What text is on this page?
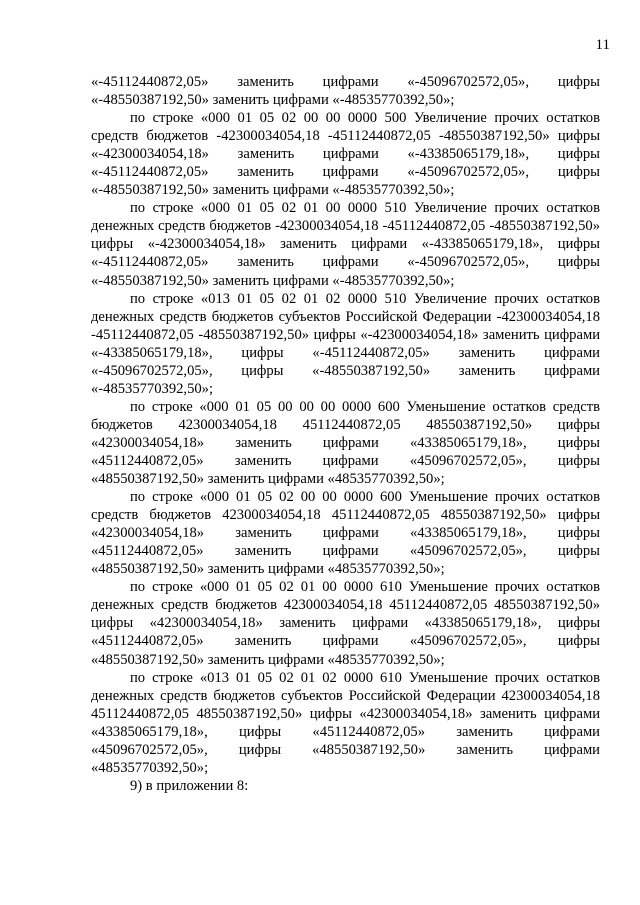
11

«-45112440872,05» заменить цифрами «-45096702572,05», цифры «-48550387192,50» заменить цифрами «-48535770392,50»;

по строке «000 01 05 02 00 00 0000 500 Увеличение прочих остатков средств бюджетов -42300034054,18 -45112440872,05 -48550387192,50» цифры «-42300034054,18» заменить цифрами «-43385065179,18», цифры «-45112440872,05» заменить цифрами «-45096702572,05», цифры «-48550387192,50» заменить цифрами «-48535770392,50»;

по строке «000 01 05 02 01 00 0000 510 Увеличение прочих остатков денежных средств бюджетов -42300034054,18 -45112440872,05 -48550387192,50» цифры «-42300034054,18» заменить цифрами «-43385065179,18», цифры «-45112440872,05» заменить цифрами «-45096702572,05», цифры «-48550387192,50» заменить цифрами «-48535770392,50»;

по строке «013 01 05 02 01 02 0000 510 Увеличение прочих остатков денежных средств бюджетов субъектов Российской Федерации -42300034054,18 -45112440872,05 -48550387192,50» цифры «-42300034054,18» заменить цифрами «-43385065179,18», цифры «-45112440872,05» заменить цифрами «-45096702572,05», цифры «-48550387192,50» заменить цифрами «-48535770392,50»;

по строке «000 01 05 00 00 00 0000 600 Уменьшение остатков средств бюджетов 42300034054,18 45112440872,05 48550387192,50» цифры «42300034054,18» заменить цифрами «43385065179,18», цифры «45112440872,05» заменить цифрами «45096702572,05», цифры «48550387192,50» заменить цифрами «48535770392,50»;

по строке «000 01 05 02 00 00 0000 600 Уменьшение прочих остатков средств бюджетов 42300034054,18 45112440872,05 48550387192,50» цифры «42300034054,18» заменить цифрами «43385065179,18», цифры «45112440872,05» заменить цифрами «45096702572,05», цифры «48550387192,50» заменить цифрами «48535770392,50»;

по строке «000 01 05 02 01 00 0000 610 Уменьшение прочих остатков денежных средств бюджетов 42300034054,18 45112440872,05 48550387192,50» цифры «42300034054,18» заменить цифрами «43385065179,18», цифры «45112440872,05» заменить цифрами «45096702572,05», цифры «48550387192,50» заменить цифрами «48535770392,50»;

по строке «013 01 05 02 01 02 0000 610 Уменьшение прочих остатков денежных средств бюджетов субъектов Российской Федерации 42300034054,18 45112440872,05 48550387192,50» цифры «42300034054,18» заменить цифрами «43385065179,18», цифры «45112440872,05» заменить цифрами «45096702572,05», цифры «48550387192,50» заменить цифрами «48535770392,50»;

9) в приложении 8:
